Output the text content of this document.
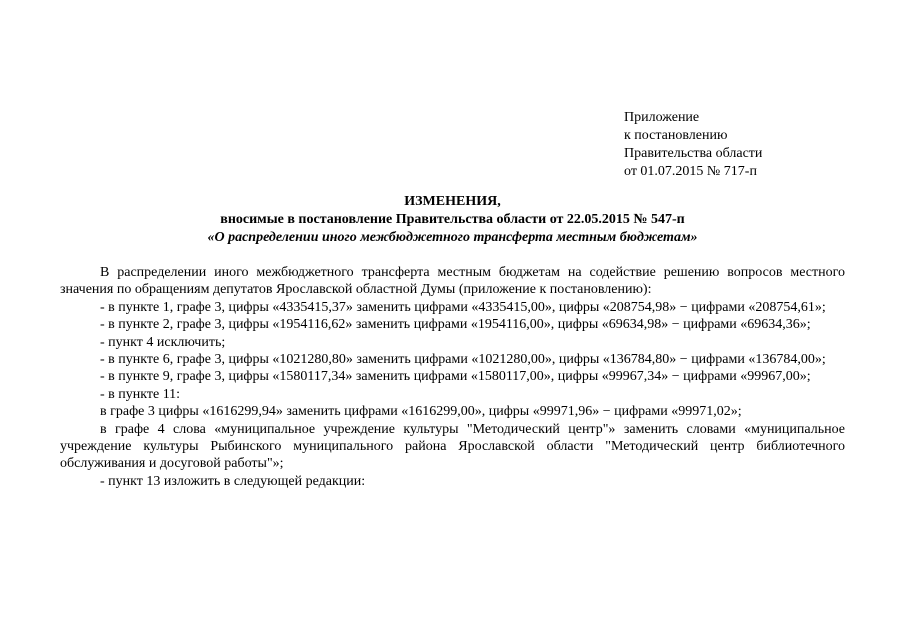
Приложение
к постановлению
Правительства области
от 01.07.2015 № 717-п
ИЗМЕНЕНИЯ,
вносимые в постановление Правительства области от 22.05.2015 № 547-п
«О распределении иного межбюджетного трансферта местным бюджетам»

В распределении иного межбюджетного трансферта местным бюджетам на содействие решению вопросов местного значения по обращениям депутатов Ярославской областной Думы (приложение к постановлению):

- в пункте 1, графе 3, цифры «4335415,37» заменить цифрами «4335415,00», цифры «208754,98» − цифрами «208754,61»;

- в пункте 2, графе 3, цифры «1954116,62» заменить цифрами «1954116,00», цифры «69634,98» − цифрами «69634,36»;

- пункт 4 исключить;

- в пункте 6, графе 3, цифры «1021280,80» заменить цифрами «1021280,00», цифры «136784,80» − цифрами «136784,00»;

- в пункте 9, графе 3, цифры «1580117,34» заменить цифрами «1580117,00», цифры «99967,34» − цифрами «99967,00»;

- в пункте 11:

в графе 3 цифры «1616299,94» заменить цифрами «1616299,00», цифры «99971,96» − цифрами «99971,02»;

в графе 4 слова «муниципальное учреждение культуры "Методический центр"» заменить словами «муниципальное учреждение культуры Рыбинского муниципального района Ярославской области "Методический центр библиотечного обслуживания и досуговой работы"»;

- пункт 13 изложить в следующей редакции:
